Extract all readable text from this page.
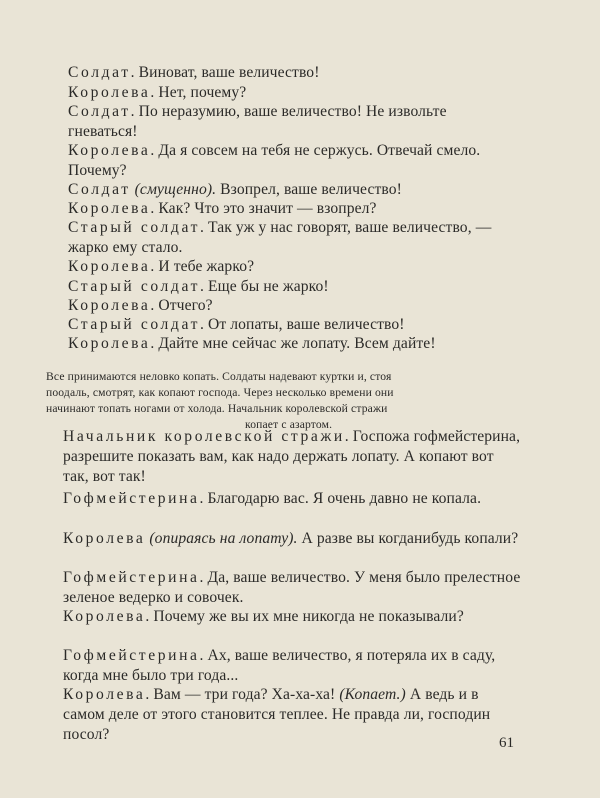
Солдат. Виноват, ваше величество!
Королева. Нет, почему?
Солдат. По неразумию, ваше величество! Не извольте гневаться!
Королева. Да я совсем на тебя не сержусь. Отвечай смело. Почему?
Солдат (смущенно). Взопрел, ваше величество!
Королева. Как? Что это значит — взопрел?
Старый солдат. Так уж у нас говорят, ваше величество, — жарко ему стало.
Королева. И тебе жарко?
Старый солдат. Еще бы не жарко!
Королева. Отчего?
Старый солдат. От лопаты, ваше величество!
Королева. Дайте мне сейчас же лопату. Всем дайте!
Все принимаются неловко копать. Солдаты надевают куртки и, стоя
поодаль, смотрят, как копают господа. Через несколько времени они
начинают топать ногами от холода. Начальник королевской стражи
копает с азартом.
Начальник королевской стражи. Госпожа гофмейстерина, разрешите показать вам, как надо держать лопату. А копают вот так, вот так!
Гофмейстерина. Благодарю вас. Я очень давно не копала.
Королева (опираясь на лопату). А разве вы когданибудь копали?
Гофмейстерина. Да, ваше величество. У меня было прелестное зеленое ведерко и совочек.
Королева. Почему же вы их мне никогда не показывали?
Гофмейстерина. Ах, ваше величество, я потеряла их в саду, когда мне было три года...
Королева. Вам — три года? Ха-ха-ха! (Копает.) А ведь и в самом деле от этого становится теплее. Не правда ли, господин посол?	61
